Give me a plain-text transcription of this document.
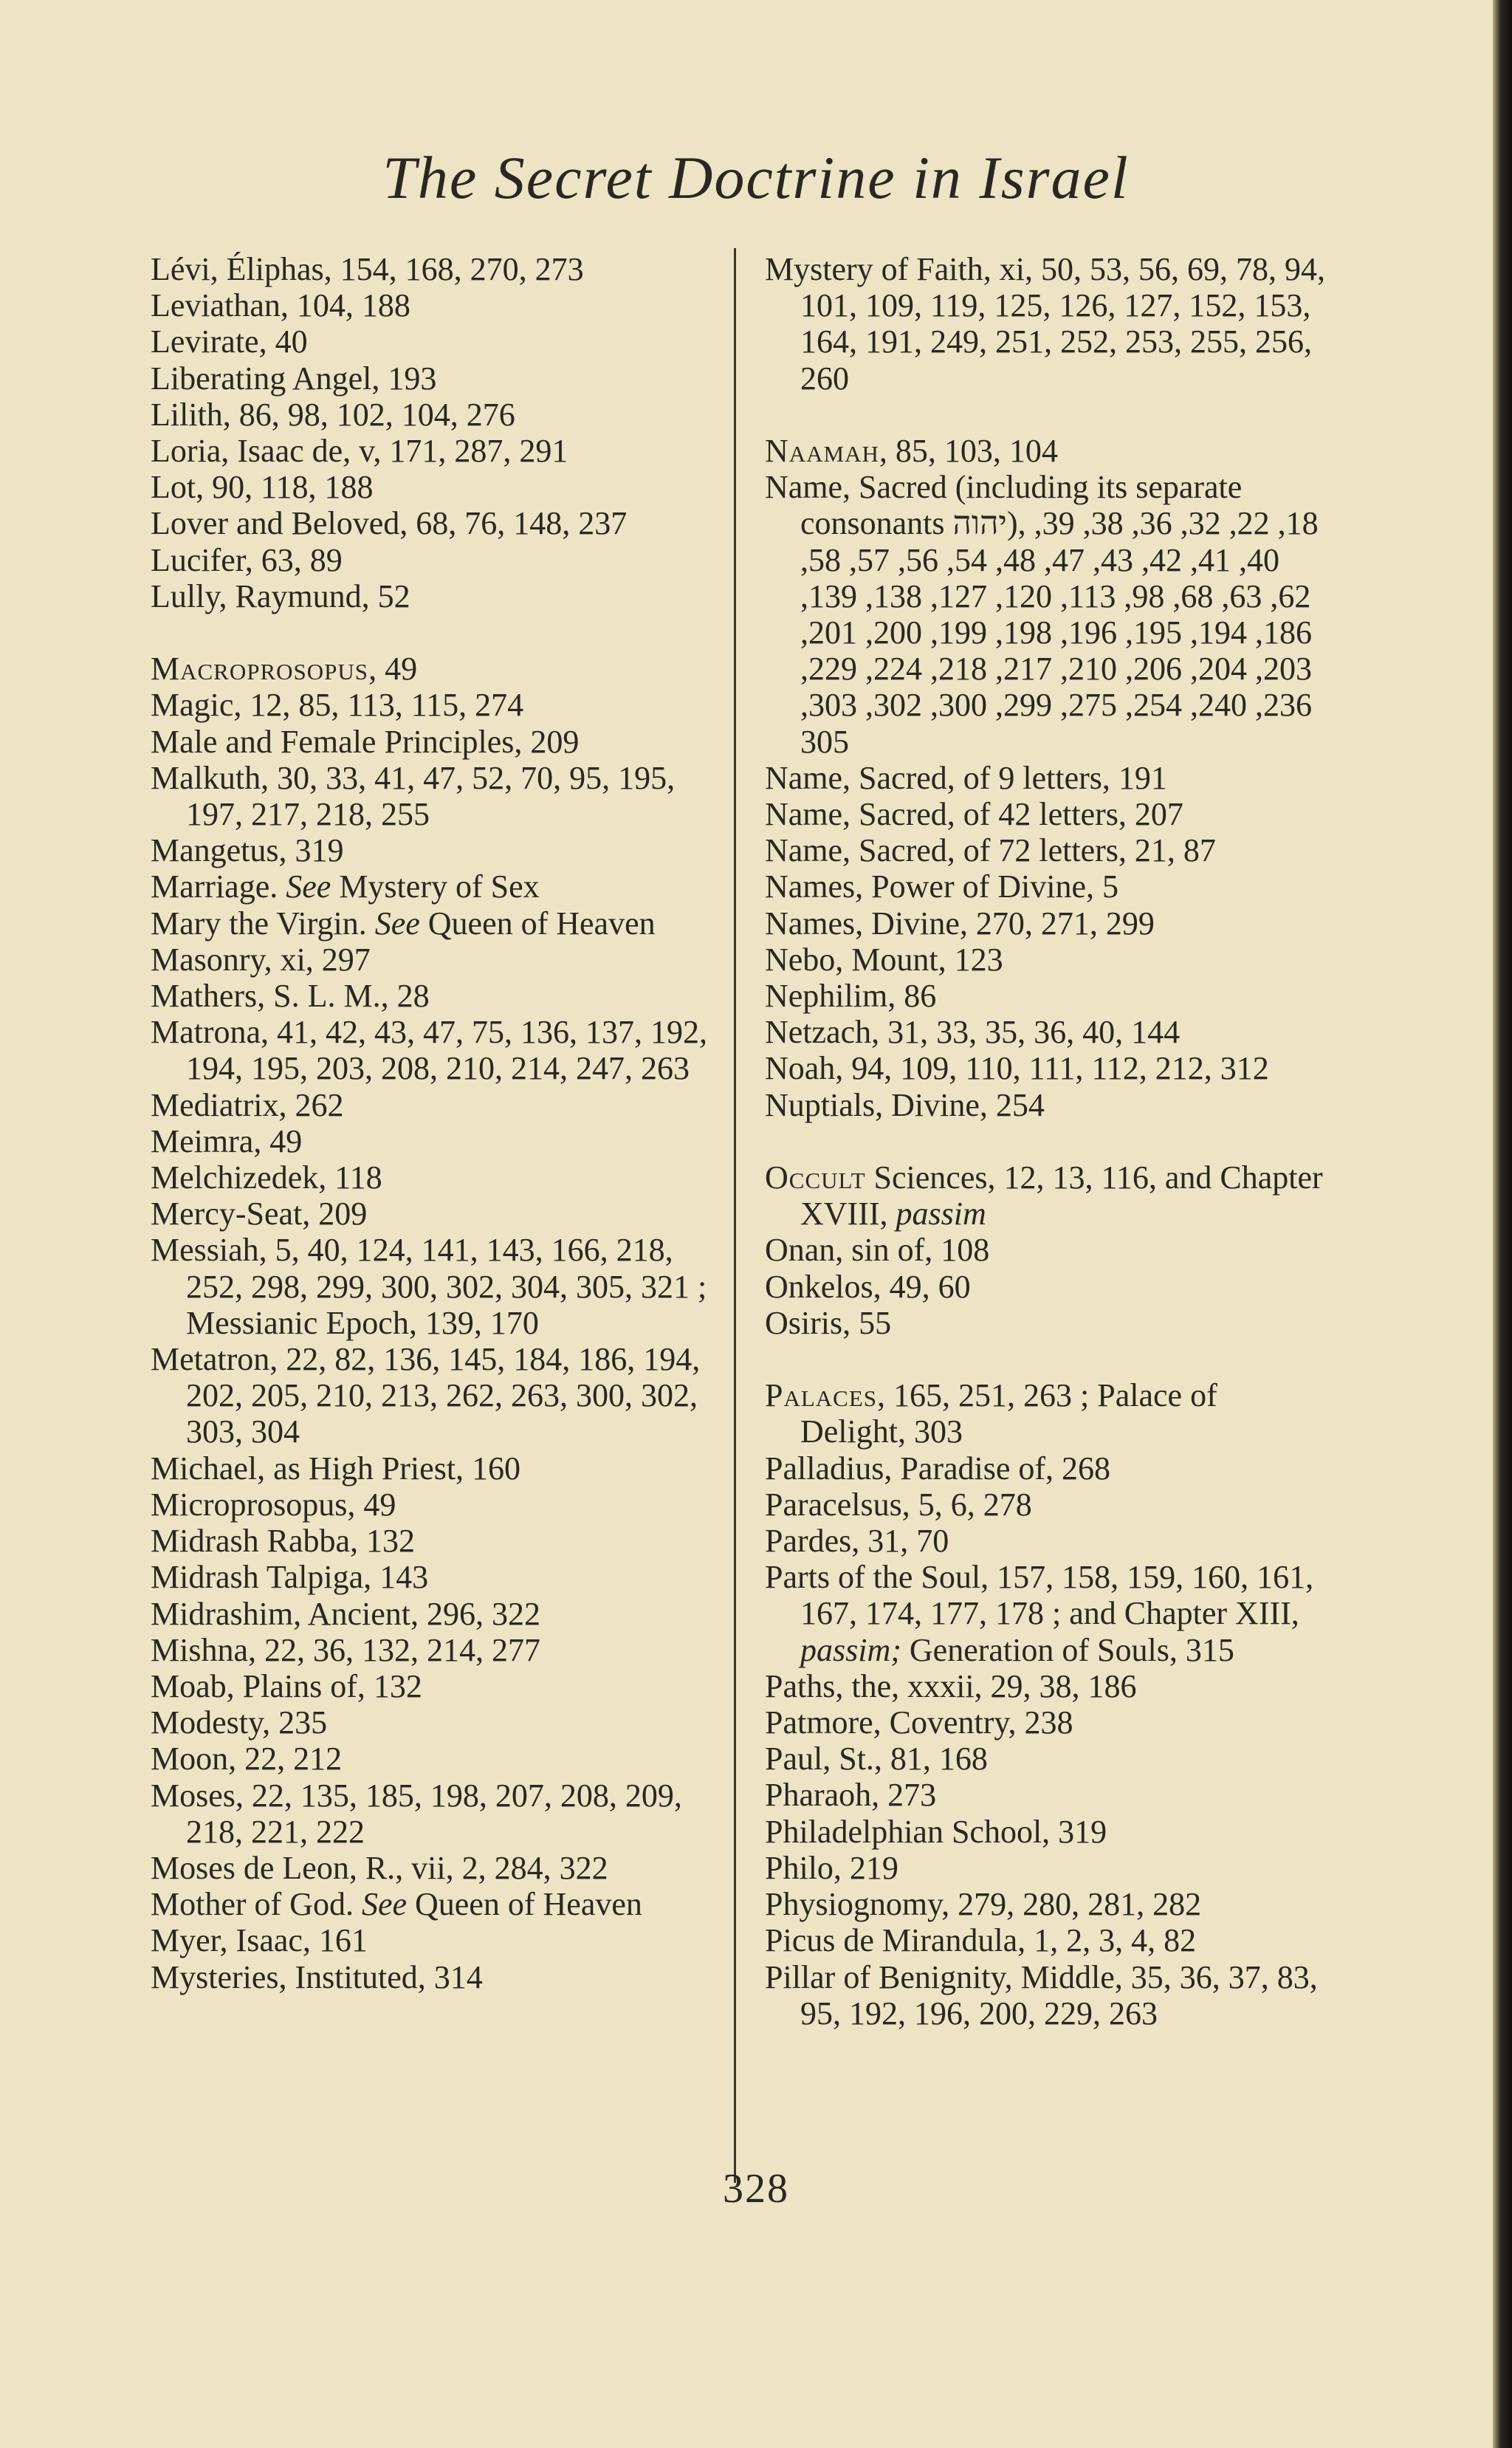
The Secret Doctrine in Israel

Lévi, Éliphas, 154, 168, 270, 273

Leviathan, 104, 188

Levirate, 40

Liberating Angel, 193

Lilith, 86, 98, 102, 104, 276

Loria, Isaac de, v, 171, 287, 291

Lot, 90, 118, 188

Lover and Beloved, 68, 76, 148, 237

Lucifer, 63, 89

Lully, Raymund, 52

Macroprosopus, 49

Magic, 12, 85, 113, 115, 274

Male and Female Principles, 209

Malkuth, 30, 33, 41, 47, 52, 70, 95, 195, 197, 217, 218, 255

Mangetus, 319

Marriage. See Mystery of Sex

Mary the Virgin. See Queen of Heaven

Masonry, xi, 297

Mathers, S. L. M., 28

Matrona, 41, 42, 43, 47, 75, 136, 137, 192, 194, 195, 203, 208, 210, 214, 247, 263

Mediatrix, 262

Meimra, 49

Melchizedek, 118

Mercy-Seat, 209

Messiah, 5, 40, 124, 141, 143, 166, 218, 252, 298, 299, 300, 302, 304, 305, 321 ; Messianic Epoch, 139, 170

Metatron, 22, 82, 136, 145, 184, 186, 194, 202, 205, 210, 213, 262, 263, 300, 302, 303, 304

Michael, as High Priest, 160

Microprosopus, 49

Midrash Rabba, 132

Midrash Talpiga, 143

Midrashim, Ancient, 296, 322

Mishna, 22, 36, 132, 214, 277

Moab, Plains of, 132

Modesty, 235

Moon, 22, 212

Moses, 22, 135, 185, 198, 207, 208, 209, 218, 221, 222

Moses de Leon, R., vii, 2, 284, 322

Mother of God. See Queen of Heaven

Myer, Isaac, 161

Mysteries, Instituted, 314

Mystery of Faith, xi, 50, 53, 56, 69, 78, 94, 101, 109, 119, 125, 126, 127, 152, 153, 164, 191, 249, 251, 252, 253, 255, 256, 260

Naamah, 85, 103, 104

Name, Sacred (including its separate consonants יהוה), 18, 22, 32, 36, 38, 39, 40, 41, 42, 43, 47, 48, 54, 56, 57, 58, 62, 63, 68, 98, 113, 120, 127, 138, 139, 186, 194, 195, 196, 198, 199, 200, 201, 203, 204, 206, 210, 217, 218, 224, 229, 236, 240, 254, 275, 299, 300, 302, 303, 305

Name, Sacred, of 9 letters, 191

Name, Sacred, of 42 letters, 207

Name, Sacred, of 72 letters, 21, 87

Names, Power of Divine, 5

Names, Divine, 270, 271, 299

Nebo, Mount, 123

Nephilim, 86

Netzach, 31, 33, 35, 36, 40, 144

Noah, 94, 109, 110, 111, 112, 212, 312

Nuptials, Divine, 254

Occult Sciences, 12, 13, 116, and Chapter XVIII, passim

Onan, sin of, 108

Onkelos, 49, 60

Osiris, 55

Palaces, 165, 251, 263 ; Palace of Delight, 303

Palladius, Paradise of, 268

Paracelsus, 5, 6, 278

Pardes, 31, 70

Parts of the Soul, 157, 158, 159, 160, 161, 167, 174, 177, 178 ; and Chapter XIII, passim; Generation of Souls, 315

Paths, the, xxxii, 29, 38, 186

Patmore, Coventry, 238

Paul, St., 81, 168

Pharaoh, 273

Philadelphian School, 319

Philo, 219

Physiognomy, 279, 280, 281, 282

Picus de Mirandula, 1, 2, 3, 4, 82

Pillar of Benignity, Middle, 35, 36, 37, 83, 95, 192, 196, 200, 229, 263

328
